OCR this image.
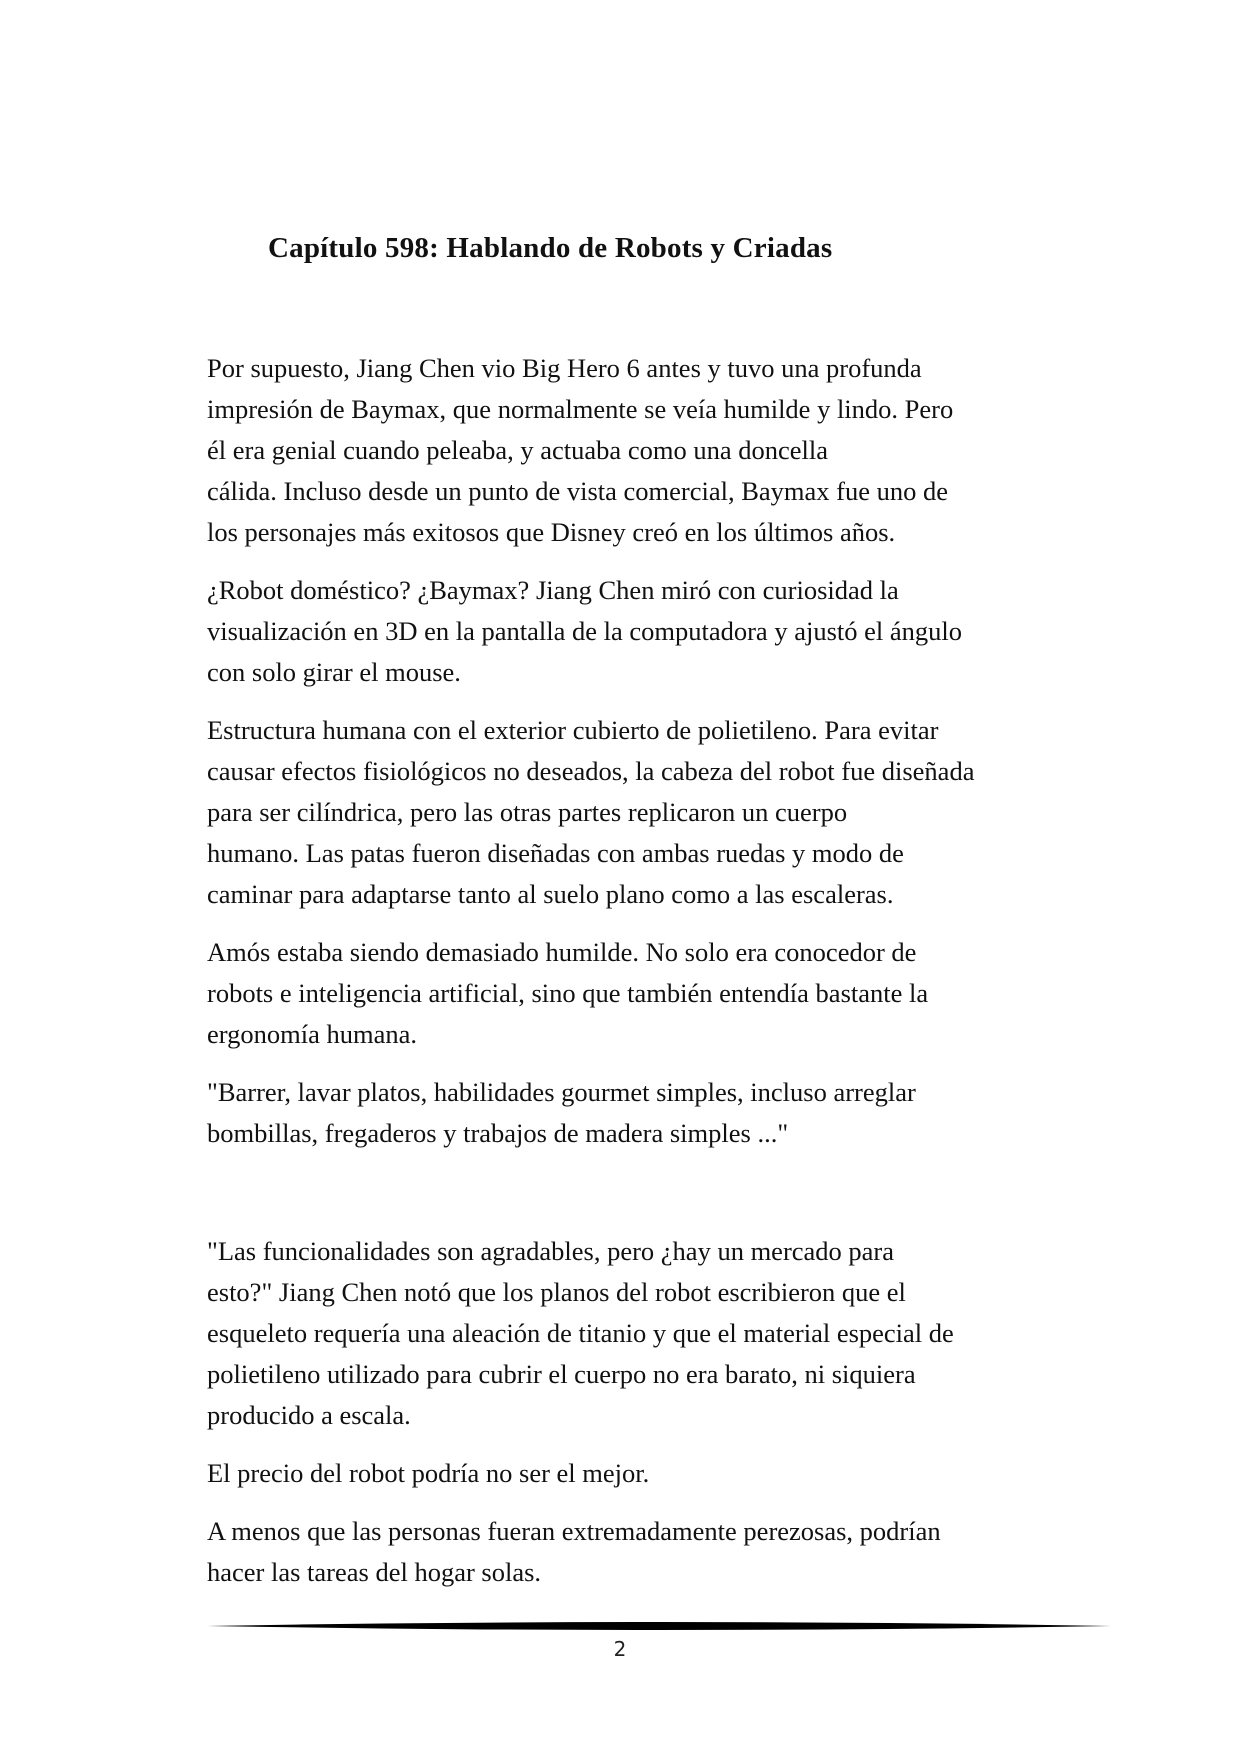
Capítulo 598: Hablando de Robots y Criadas

Por supuesto, Jiang Chen vio Big Hero 6 antes y tuvo una profunda
impresión de Baymax, que normalmente se veía humilde y lindo. Pero
él era genial cuando peleaba, y actuaba como una doncella
cálida. Incluso desde un punto de vista comercial, Baymax fue uno de
los personajes más exitosos que Disney creó en los últimos años.

¿Robot doméstico? ¿Baymax? Jiang Chen miró con curiosidad la
visualización en 3D en la pantalla de la computadora y ajustó el ángulo
con solo girar el mouse.

Estructura humana con el exterior cubierto de polietileno. Para evitar
causar efectos fisiológicos no deseados, la cabeza del robot fue diseñada
para ser cilíndrica, pero las otras partes replicaron un cuerpo
humano. Las patas fueron diseñadas con ambas ruedas y modo de
caminar para adaptarse tanto al suelo plano como a las escaleras.

Amós estaba siendo demasiado humilde. No solo era conocedor de
robots e inteligencia artificial, sino que también entendía bastante la
ergonomía humana.

"Barrer, lavar platos, habilidades gourmet simples, incluso arreglar
bombillas, fregaderos y trabajos de madera simples ..."

"Las funcionalidades son agradables, pero ¿hay un mercado para
esto?" Jiang Chen notó que los planos del robot escribieron que el
esqueleto requería una aleación de titanio y que el material especial de
polietileno utilizado para cubrir el cuerpo no era barato, ni siquiera
producido a escala.

El precio del robot podría no ser el mejor.

A menos que las personas fueran extremadamente perezosas, podrían
hacer las tareas del hogar solas.

2
